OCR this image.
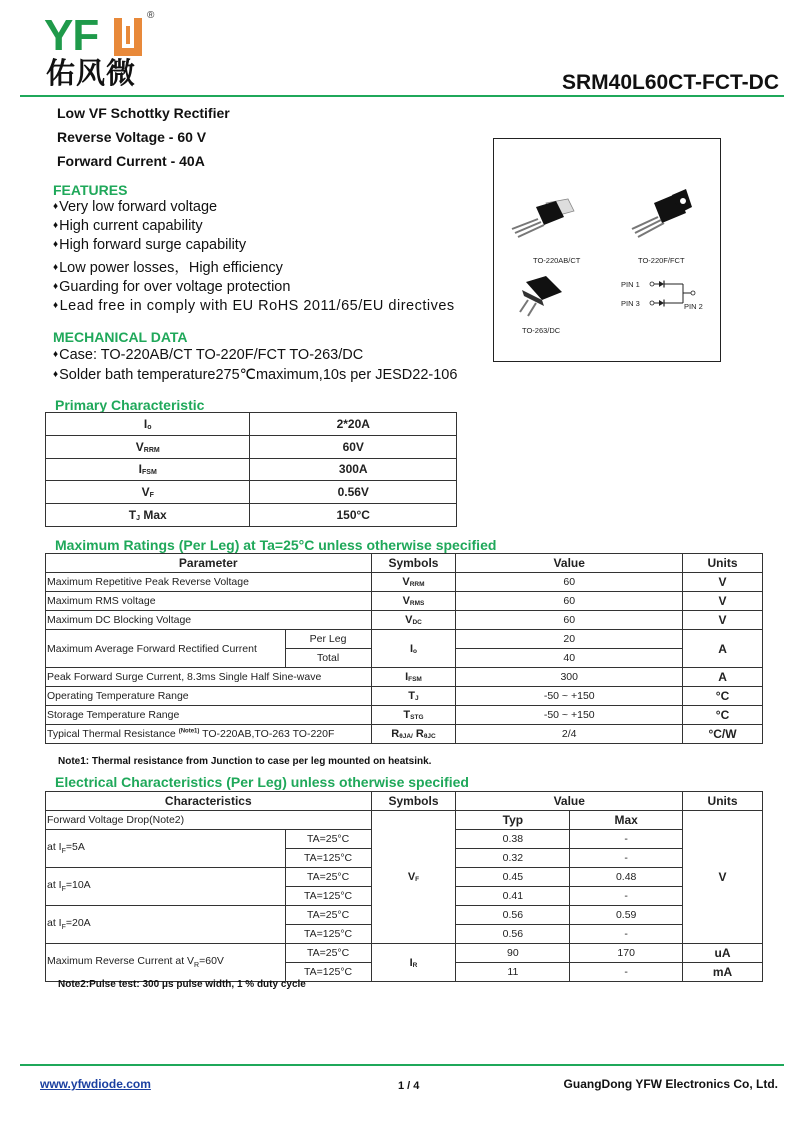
YF	®
佑风微	SRM40L60CT-FCT-DC
Low VF Schottky Rectifier
Reverse Voltage - 60 V
Forward Current - 40A
FEATURES
♦Very low forward voltage
♦High current capability
♦High forward surge capability
♦Low power losses，High efficiency
♦Guarding for over voltage protection
♦Lead free in comply with EU RoHS 2011/65/EU directives
MECHANICAL DATA
♦Case: TO-220AB/CT TO-220F/FCT TO-263/DC
♦Solder bath temperature275℃maximum,10s per JESD22-106
TO-220AB/CT	TO-220F/FCT
TO-263/DC
PIN 1
PIN 3	PIN 2
Primary Characteristic
$I_o$	2*20A
$V_{RRM}$	60V
$I_{FSM}$	300A
$V_F$	0.56V
$T_J$ Max	150°C
Maximum Ratings (Per Leg) at Ta=25°C unless otherwise specified
Parameter		Symbols	Value	Units
Maximum Repetitive Peak Reverse Voltage		$V_{RRM}$	60	V
Maximum RMS voltage		$V_{RMS}$	60	V
Maximum DC Blocking Voltage		$V_{DC}$	60	V
Maximum Average Forward Rectified Current	Per Leg	$I_o$	20	A
	Total		40	
Peak Forward Surge Current, 8.3ms Single Half Sine-wave		$I_{FSM}$	300	A
Operating Temperature Range		$T_J$	-50 ~ +150	°C
Storage Temperature Range		$T_{STG}$	-50 ~ +150	°C
Typical Thermal Resistance $^{(Note1)}$ TO-220AB,TO-263 TO-220F		$R_{\theta JA/}$ $R_{\theta JC}$	2/4	°C/W
Note1: Thermal resistance from Junction to case per leg mounted on heatsink.
Electrical Characteristics (Per Leg) unless otherwise specified
Characteristics		Symbols	Value		Units
Forward Voltage Drop(Note2)		$V_F$	Typ	Max	V
at $I_F=5A$	TA=25°C		0.38	-	
	TA=125°C		0.32	-	
at $I_F=10A$	TA=25°C		0.45	0.48	
	TA=125°C		0.41	-	
at $I_F=20A$	TA=25°C		0.56	0.59	
	TA=125°C		0.56	-	
Maximum Reverse Current at $V_R=60V$	TA=25°C	$I_R$	90	170	uA
	TA=125°C		11	-	mA
Note2:Pulse test: 300 μs pulse width, 1 % duty cycle
www.yfwdiode.com	1 / 4	GuangDong YFW Electronics Co, Ltd.
